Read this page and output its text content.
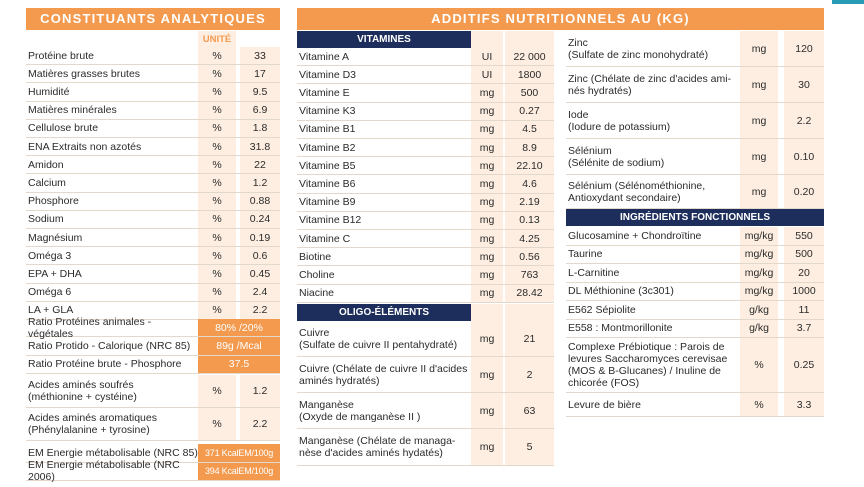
CONSTITUANTS ANALYTIQUES
UNITÉ
Protéine brute	%	33
Matières grasses brutes	%	17
Humidité	%	9.5
Matières minérales	%	6.9
Cellulose brute	%	1.8
ENA Extraits non azotés	%	31.8
Amidon	%	22
Calcium	%	1.2
Phosphore	%	0.88
Sodium	%	0.24
Magnésium	%	0.19
Oméga 3	%	0.6
EPA + DHA	%	0.45
Oméga 6	%	2.4
LA + GLA	%	2.2
Ratio Protéines animales - végétales
80% /20%
Ratio Protido - Calorique (NRC 85)	89g /Mcal
Ratio Protéine brute - Phosphore	37.5
Acides aminés soufrés
(méthionine + cystéine)	%	1.2
Acides aminés aromatiques
(Phénylalanine + tyrosine)	%	2.2
EM Energie métabolisable (NRC 85) 371 KcalEM/100g
EM Energie métabolisable (NRC 2006)	394 KcalEM/100g
ADDITIFS NUTRITIONNELS AU (KG)
VITAMINES
Vitamine A	UI	22 000
Vitamine D3	UI	1800
Vitamine E	mg	500
Vitamine K3	mg	0.27
Vitamine B1	mg	4.5
Vitamine B2	mg	8.9
Vitamine B5	mg	22.10
Vitamine B6	mg	4.6
Vitamine B9	mg	2.19
Vitamine B12	mg	0.13
Vitamine C	mg	4.25
Biotine	mg	0.56
Choline	mg	763
Niacine	mg	28.42
OLIGO-ÉLÉMENTS
Cuivre
(Sulfate de cuivre II pentahydraté)	mg	21
Cuivre (Chélate de cuivre II d'acides
aminés hydratés)	mg	2
Manganèse
(Oxyde de manganèse II )	mg	63
Manganèse (Chélate de managa-
nèse d'acides aminés hydatés)	mg	5
Zinc
(Sulfate de zinc monohydraté)	mg	120
Zinc (Chélate de zinc d'acides ami-
nés hydratés)	mg	30
Iode
(Iodure de potassium)	mg	2.2
Sélénium
(Sélénite de sodium)	mg	0.10
Sélénium (Sélénométhionine,
Antioxydant secondaire)	mg	0.20
INGRÉDIENTS FONCTIONNELS
Glucosamine + Chondroïtine	mg/kg	550
Taurine	mg/kg	500
L-Carnitine	mg/kg	20
DL Méthionine (3c301)	mg/kg	1000
E562 Sépiolite	g/kg	11
E558 : Montmorillonite	g/kg	3.7
Complexe Prébiotique : Parois de
levures Saccharomyces cerevisae
(MOS & B-Glucanes) / Inuline de
chicorée (FOS)
%	0.25
Levure de bière	%	3.3
